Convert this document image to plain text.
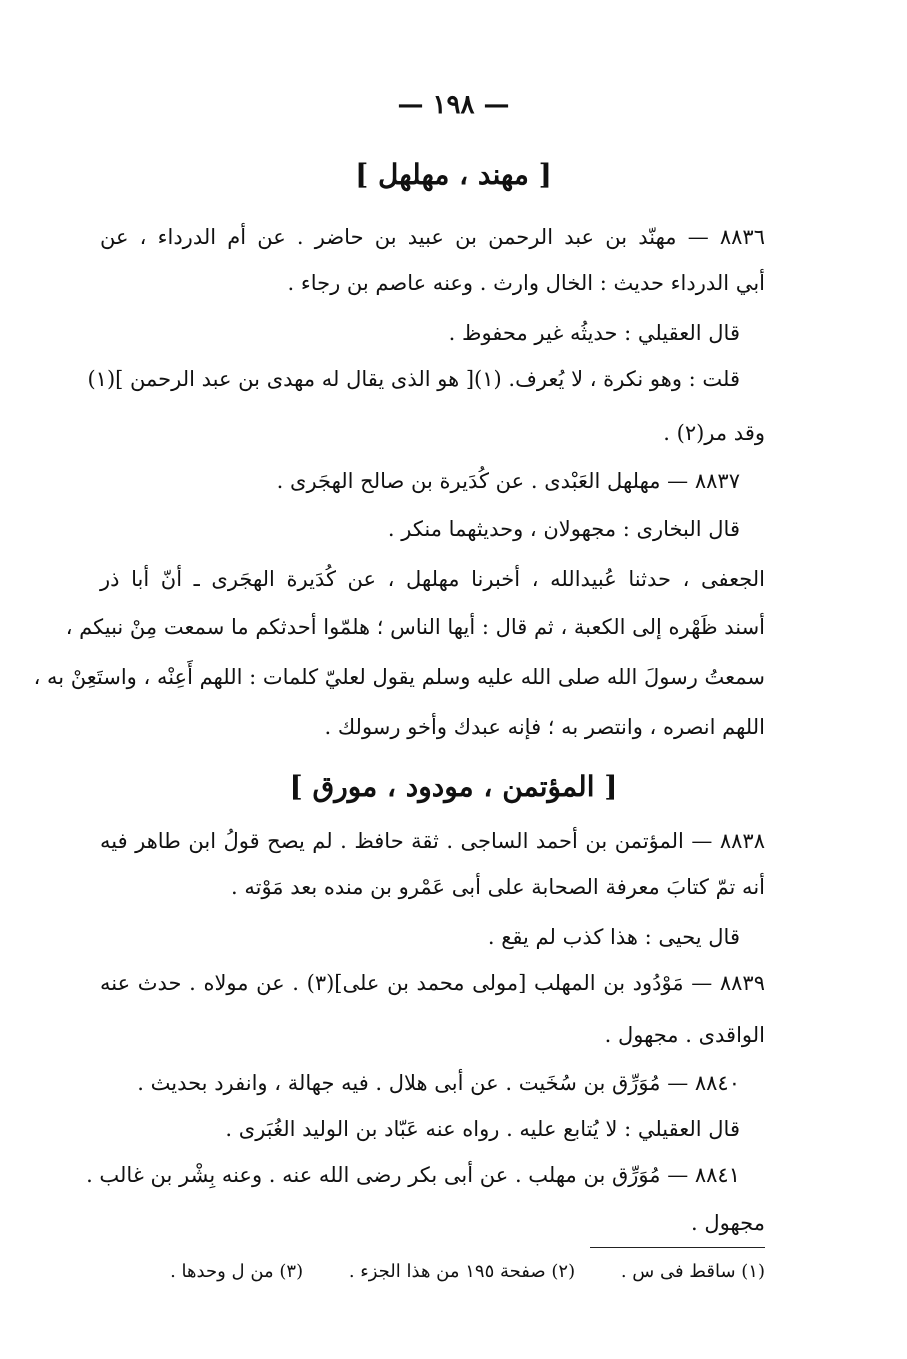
— ١٩٨ —
[ مهند ، مهلهل ]
٨٨٣٦ — مهنّد بن عبد الرحمن بن عبيد بن حاضر . عن أم الدرداء ، عن
أبي الدرداء حديث : الخال وارث . وعنه عاصم بن رجاء .
قال العقيلي : حديثُه غير محفوظ .
قلت : وهو نكرة ، لا يُعرف. (١)[ هو الذى يقال له مهدى بن عبد الرحمن ](١)
وقد مر(٢) .
٨٨٣٧ — مهلهل العَبْدى . عن كُدَيرة بن صالح الهجَرى .
قال البخارى : مجهولان ، وحديثهما منكر .
الجعفى ، حدثنا عُبيدالله ، أخبرنا مهلهل ، عن كُدَيرة الهجَرى ـ أنّ أبا ذر
أسند ظَهْره إلى الكعبة ، ثم قال : أيها الناس ؛ هلمّوا أحدثكم ما سمعت مِنْ نبيكم ،
سمعتُ رسولَ الله صلى الله عليه وسلم يقول لعليّ كلمات : اللهم أَعِنْه ، واستَعِنْ به ،
اللهم انصره ، وانتصر به ؛ فإنه عبدك وأخو رسولك .
[ المؤتمن ، مودود ، مورق ]
٨٨٣٨ — المؤتمن بن أحمد الساجى . ثقة حافظ . لم يصح قولُ ابن طاهر فيه
أنه تمّ كتابَ معرفة الصحابة على أبى عَمْرو بن منده بعد مَوْته .
قال يحيى : هذا كذب لم يقع .
٨٨٣٩ — مَوْدُود بن المهلب [مولى محمد بن على](٣) . عن مولاه . حدث عنه
الواقدى . مجهول .
٨٨٤٠ — مُوَرِّق بن سُخَيت . عن أبى هلال . فيه جهالة ، وانفرد بحديث .
قال العقيلي : لا يُتابع عليه . رواه عنه عَبّاد بن الوليد الغُبَرى .
٨٨٤١ — مُوَرِّق بن مهلب . عن أبى بكر رضى الله عنه . وعنه بِشْر بن غالب .
مجهول .
(١) ساقط فى س . (٢) صفحة ١٩٥ من هذا الجزء . (٣) من ل وحدها .
